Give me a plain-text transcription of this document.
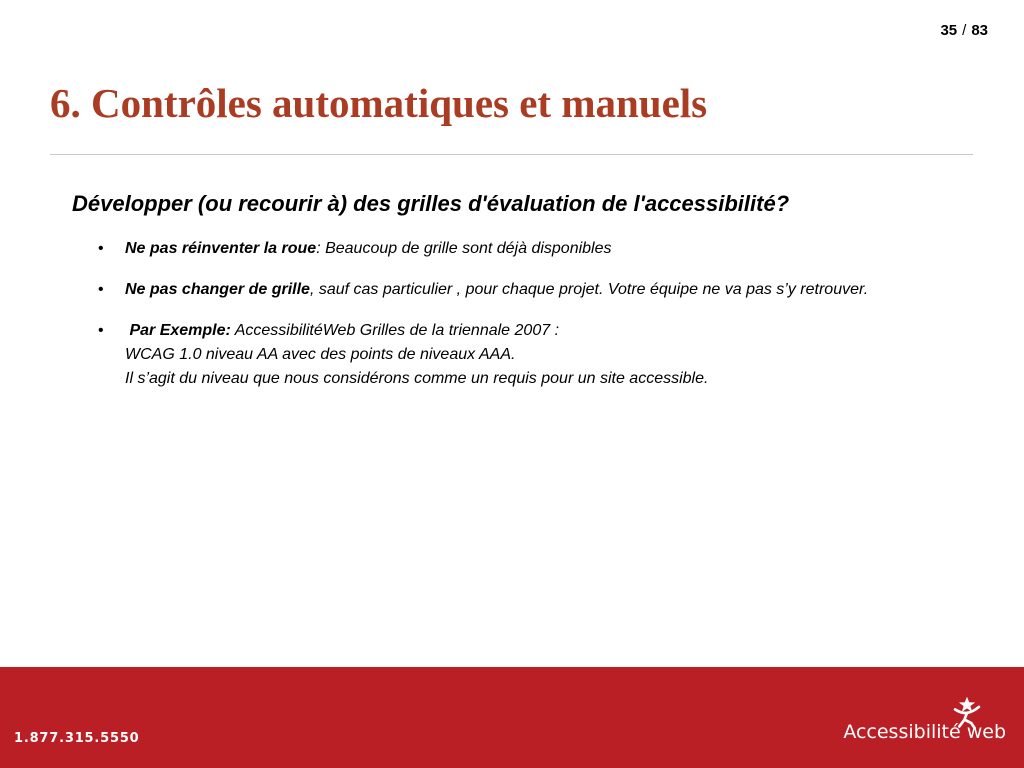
35 / 83
6. Contrôles automatiques et manuels

Développer (ou recourir à) des grilles d'évaluation de l'accessibilité?

• Ne pas réinventer la roue: Beaucoup de grille sont déjà disponibles
• Ne pas changer de grille, sauf cas particulier , pour chaque projet. Votre équipe ne va pas s’y retrouver.
• Par Exemple: AccessibilitéWeb Grilles de la triennale 2007 :
WCAG 1.0 niveau AA avec des points de niveaux AAA.
Il s’agit du niveau que nous considérons comme un requis pour un site accessible.
1.877.315.5550	Accessibilité web
